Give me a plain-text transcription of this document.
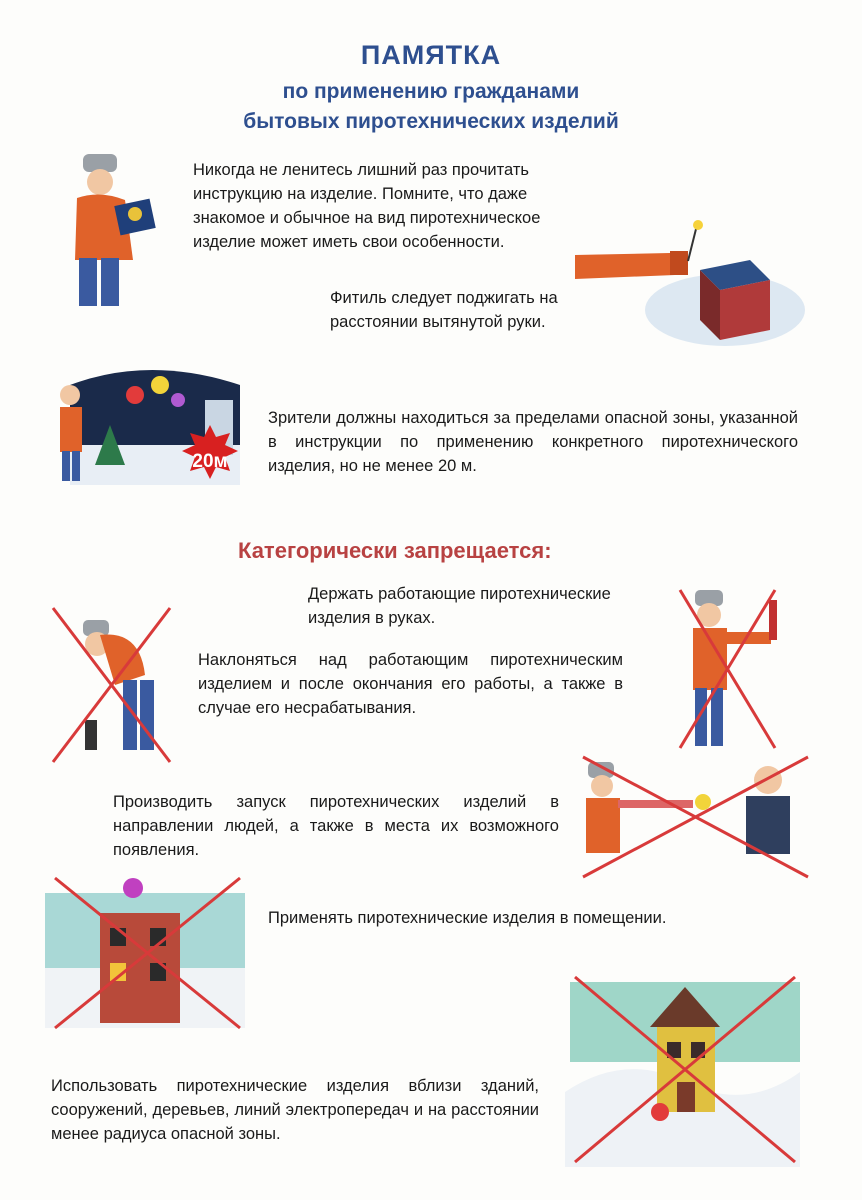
ПАМЯТКА
по применению гражданами
бытовых пиротехнических изделий
Никогда не ленитесь лишний раз прочитать инструкцию на изделие. Помните, что даже знакомое и обычное на вид пиротехническое изделие может иметь свои особенности.
Фитиль следует поджигать на расстоянии вытянутой руки.
20м
Зрители должны находиться за пределами опасной зоны, указанной в инструкции по применению конкретного пиротехнического изделия, но не менее 20 м.
Категорически запрещается:
Держать работающие пиротехнические изделия в руках.
Наклоняться над работающим пиротехническим изделием и после окончания его работы, а также в случае его несрабатывания.
Производить запуск пиротехнических изделий в направлении людей, а также в места их возможного появления.
Применять пиротехнические изделия в помещении.
Использовать пиротехнические изделия вблизи зданий, сооружений, деревьев, линий электропередач и на расстоянии менее радиуса опасной зоны.
